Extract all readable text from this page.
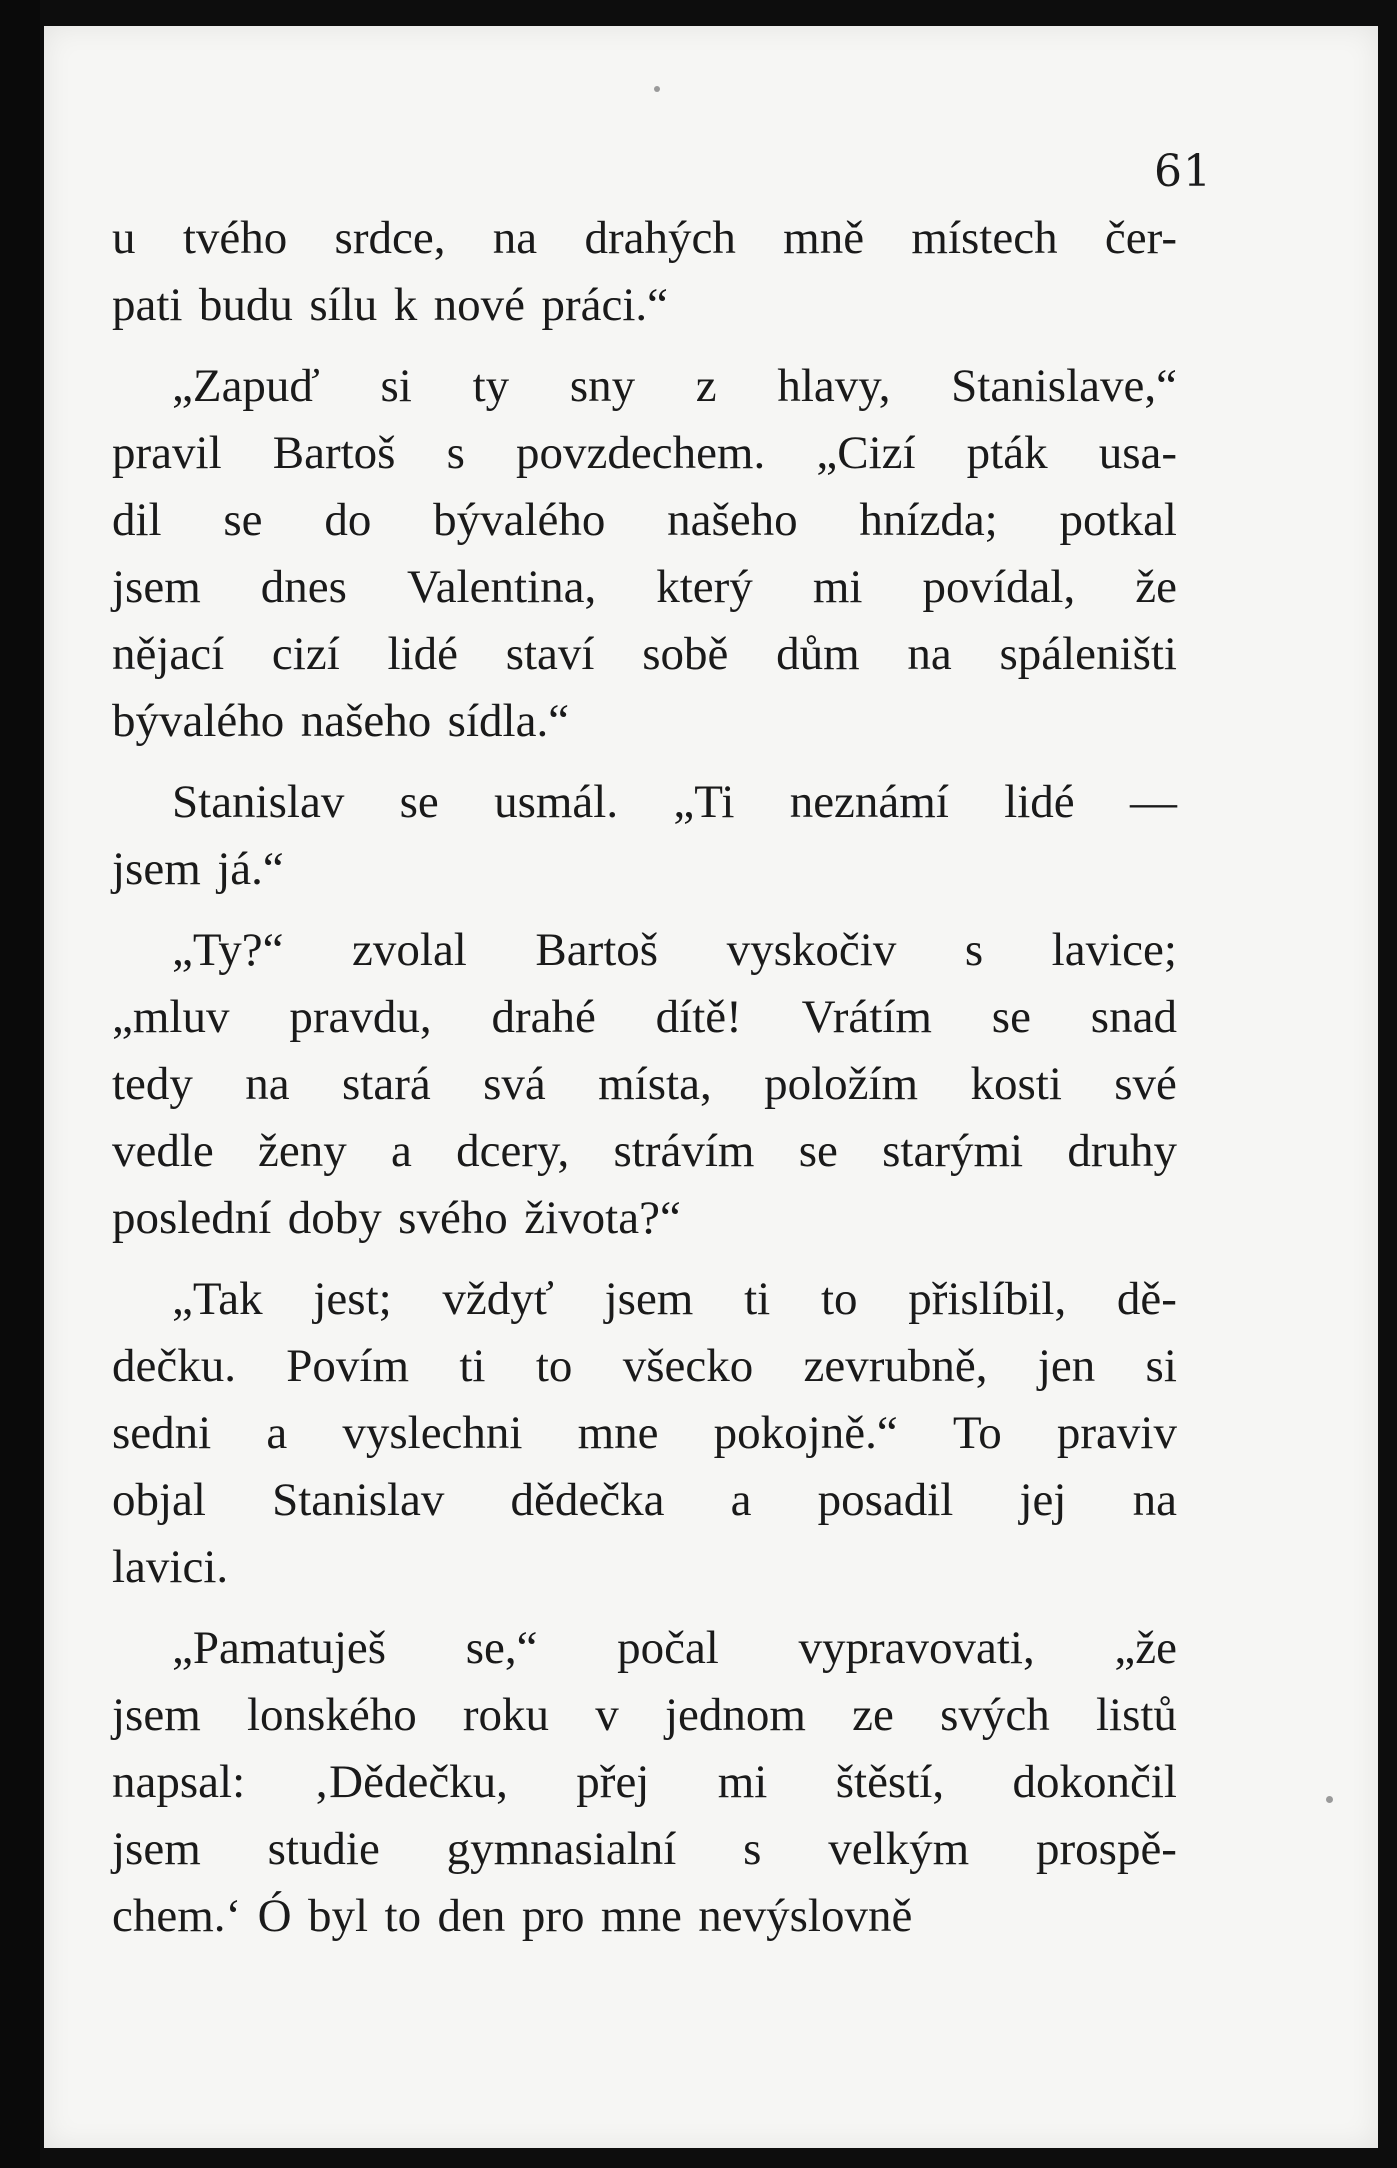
61
u tvého srdce, na drahých mně místech čer-
pati budu sílu k nové práci.“
„Zapuď si ty sny z hlavy, Stanislave,“
pravil Bartoš s povzdechem. „Cizí pták usa-
dil se do bývalého našeho hnízda; potkal
jsem dnes Valentina, který mi povídal, že
nějací cizí lidé staví sobě dům na spáleništi
bývalého našeho sídla.“
Stanislav se usmál. „Ti neznámí lidé —
jsem já.“
„Ty?“ zvolal Bartoš vyskočiv s lavice;
„mluv pravdu, drahé dítě! Vrátím se snad
tedy na stará svá místa, položím kosti své
vedle ženy a dcery, strávím se starými druhy
poslední doby svého života?“
„Tak jest; vždyť jsem ti to přislíbil, dě-
dečku. Povím ti to všecko zevrubně, jen si
sedni a vyslechni mne pokojně.“ To praviv
objal Stanislav dědečka a posadil jej na
lavici.
„Pamatuješ se,“ počal vypravovati, „že
jsem lonského roku v jednom ze svých listů
napsal: ‚Dědečku, přej mi štěstí, dokončil
jsem studie gymnasialní s velkým prospě-
chem.‘ Ó byl to den pro mne nevýslovně
